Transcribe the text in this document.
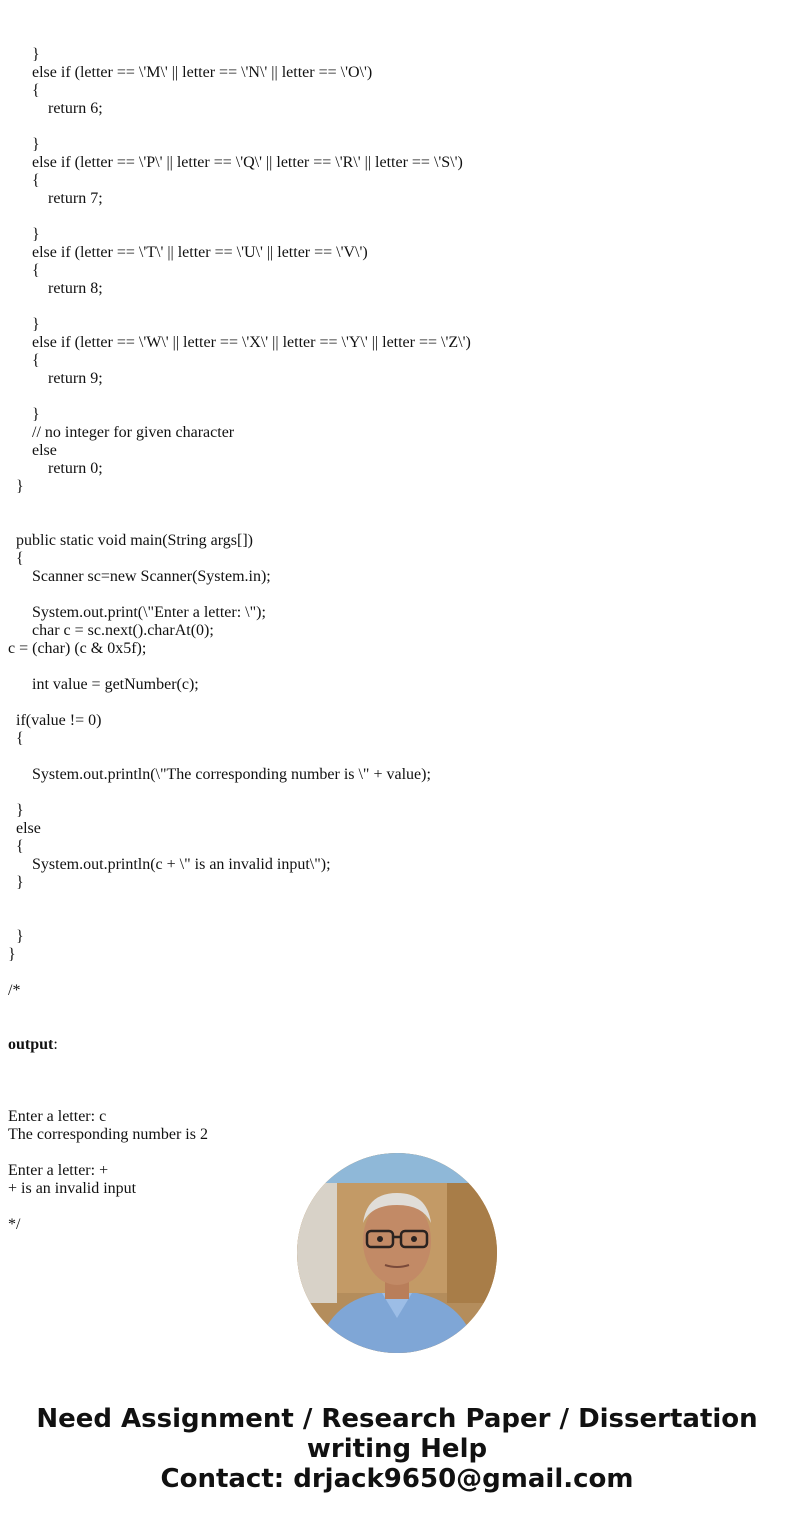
}
else if (letter == \'M\' || letter == \'N\' || letter == \'O\')
{
return 6;
}
else if (letter == \'P\' || letter == \'Q\' || letter == \'R\' || letter == \'S\')
{
return 7;
}
else if (letter == \'T\' || letter == \'U\' || letter == \'V\')
{
return 8;
}
else if (letter == \'W\' || letter == \'X\' || letter == \'Y\' || letter == \'Z\')
{
return 9;
}
// no integer for given character
else
return 0;
}
public static void main(String args[])
{
Scanner sc=new Scanner(System.in);
System.out.print(\"Enter a letter: \");
char c = sc.next().charAt(0);
c = (char) (c & 0x5f);
int value = getNumber(c);
if(value != 0)
{
System.out.println(\"The corresponding number is \" + value);
}
else
{
System.out.println(c + \" is an invalid input\");
}
}
}
/*

output:

Enter a letter: c
The corresponding number is 2
Enter a letter: +
+ is an invalid input
*/

Need Assignment / Research Paper / Dissertation
writing Help
Contact: drjack9650@gmail.com
